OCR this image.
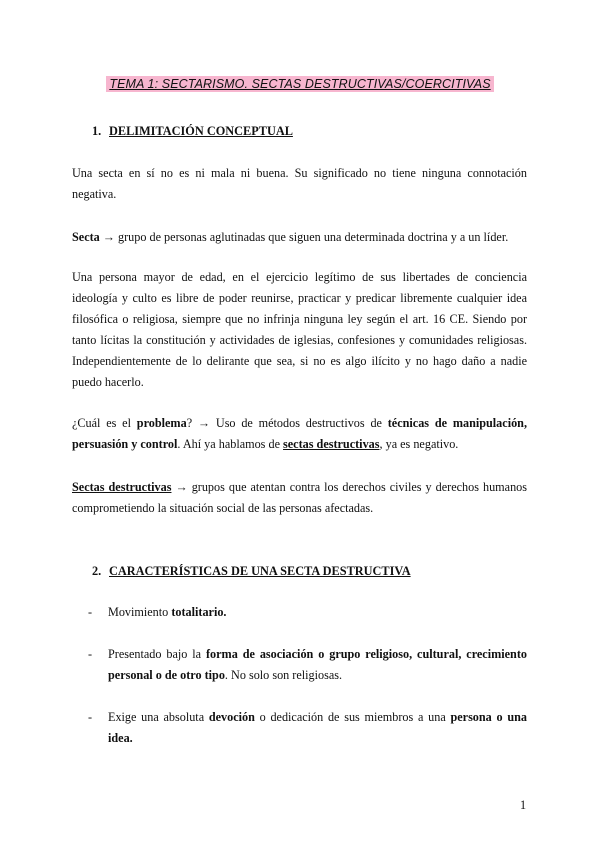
TEMA 1: SECTARISMO. SECTAS DESTRUCTIVAS/COERCITIVAS
1. DELIMITACIÓN CONCEPTUAL

Una secta en sí no es ni mala ni buena. Su significado no tiene ninguna connotación negativa.

Secta → grupo de personas aglutinadas que siguen una determinada doctrina y a un líder.

Una persona mayor de edad, en el ejercicio legítimo de sus libertades de conciencia ideología y culto es libre de poder reunirse, practicar y predicar libremente cualquier idea filosófica o religiosa, siempre que no infrinja ninguna ley según el art. 16 CE. Siendo por tanto lícitas la constitución y actividades de iglesias, confesiones y comunidades religiosas. Independientemente de lo delirante que sea, si no es algo ilícito y no hago daño a nadie puedo hacerlo.

¿Cuál es el problema? → Uso de métodos destructivos de técnicas de manipulación, persuasión y control. Ahí ya hablamos de sectas destructivas, ya es negativo.

Sectas destructivas → grupos que atentan contra los derechos civiles y derechos humanos comprometiendo la situación social de las personas afectadas.

2. CARACTERÍSTICAS DE UNA SECTA DESTRUCTIVA
- Movimiento totalitario.
- Presentado bajo la forma de asociación o grupo religioso, cultural, crecimiento personal o de otro tipo. No solo son religiosas.
- Exige una absoluta devoción o dedicación de sus miembros a una persona o una idea.
1
